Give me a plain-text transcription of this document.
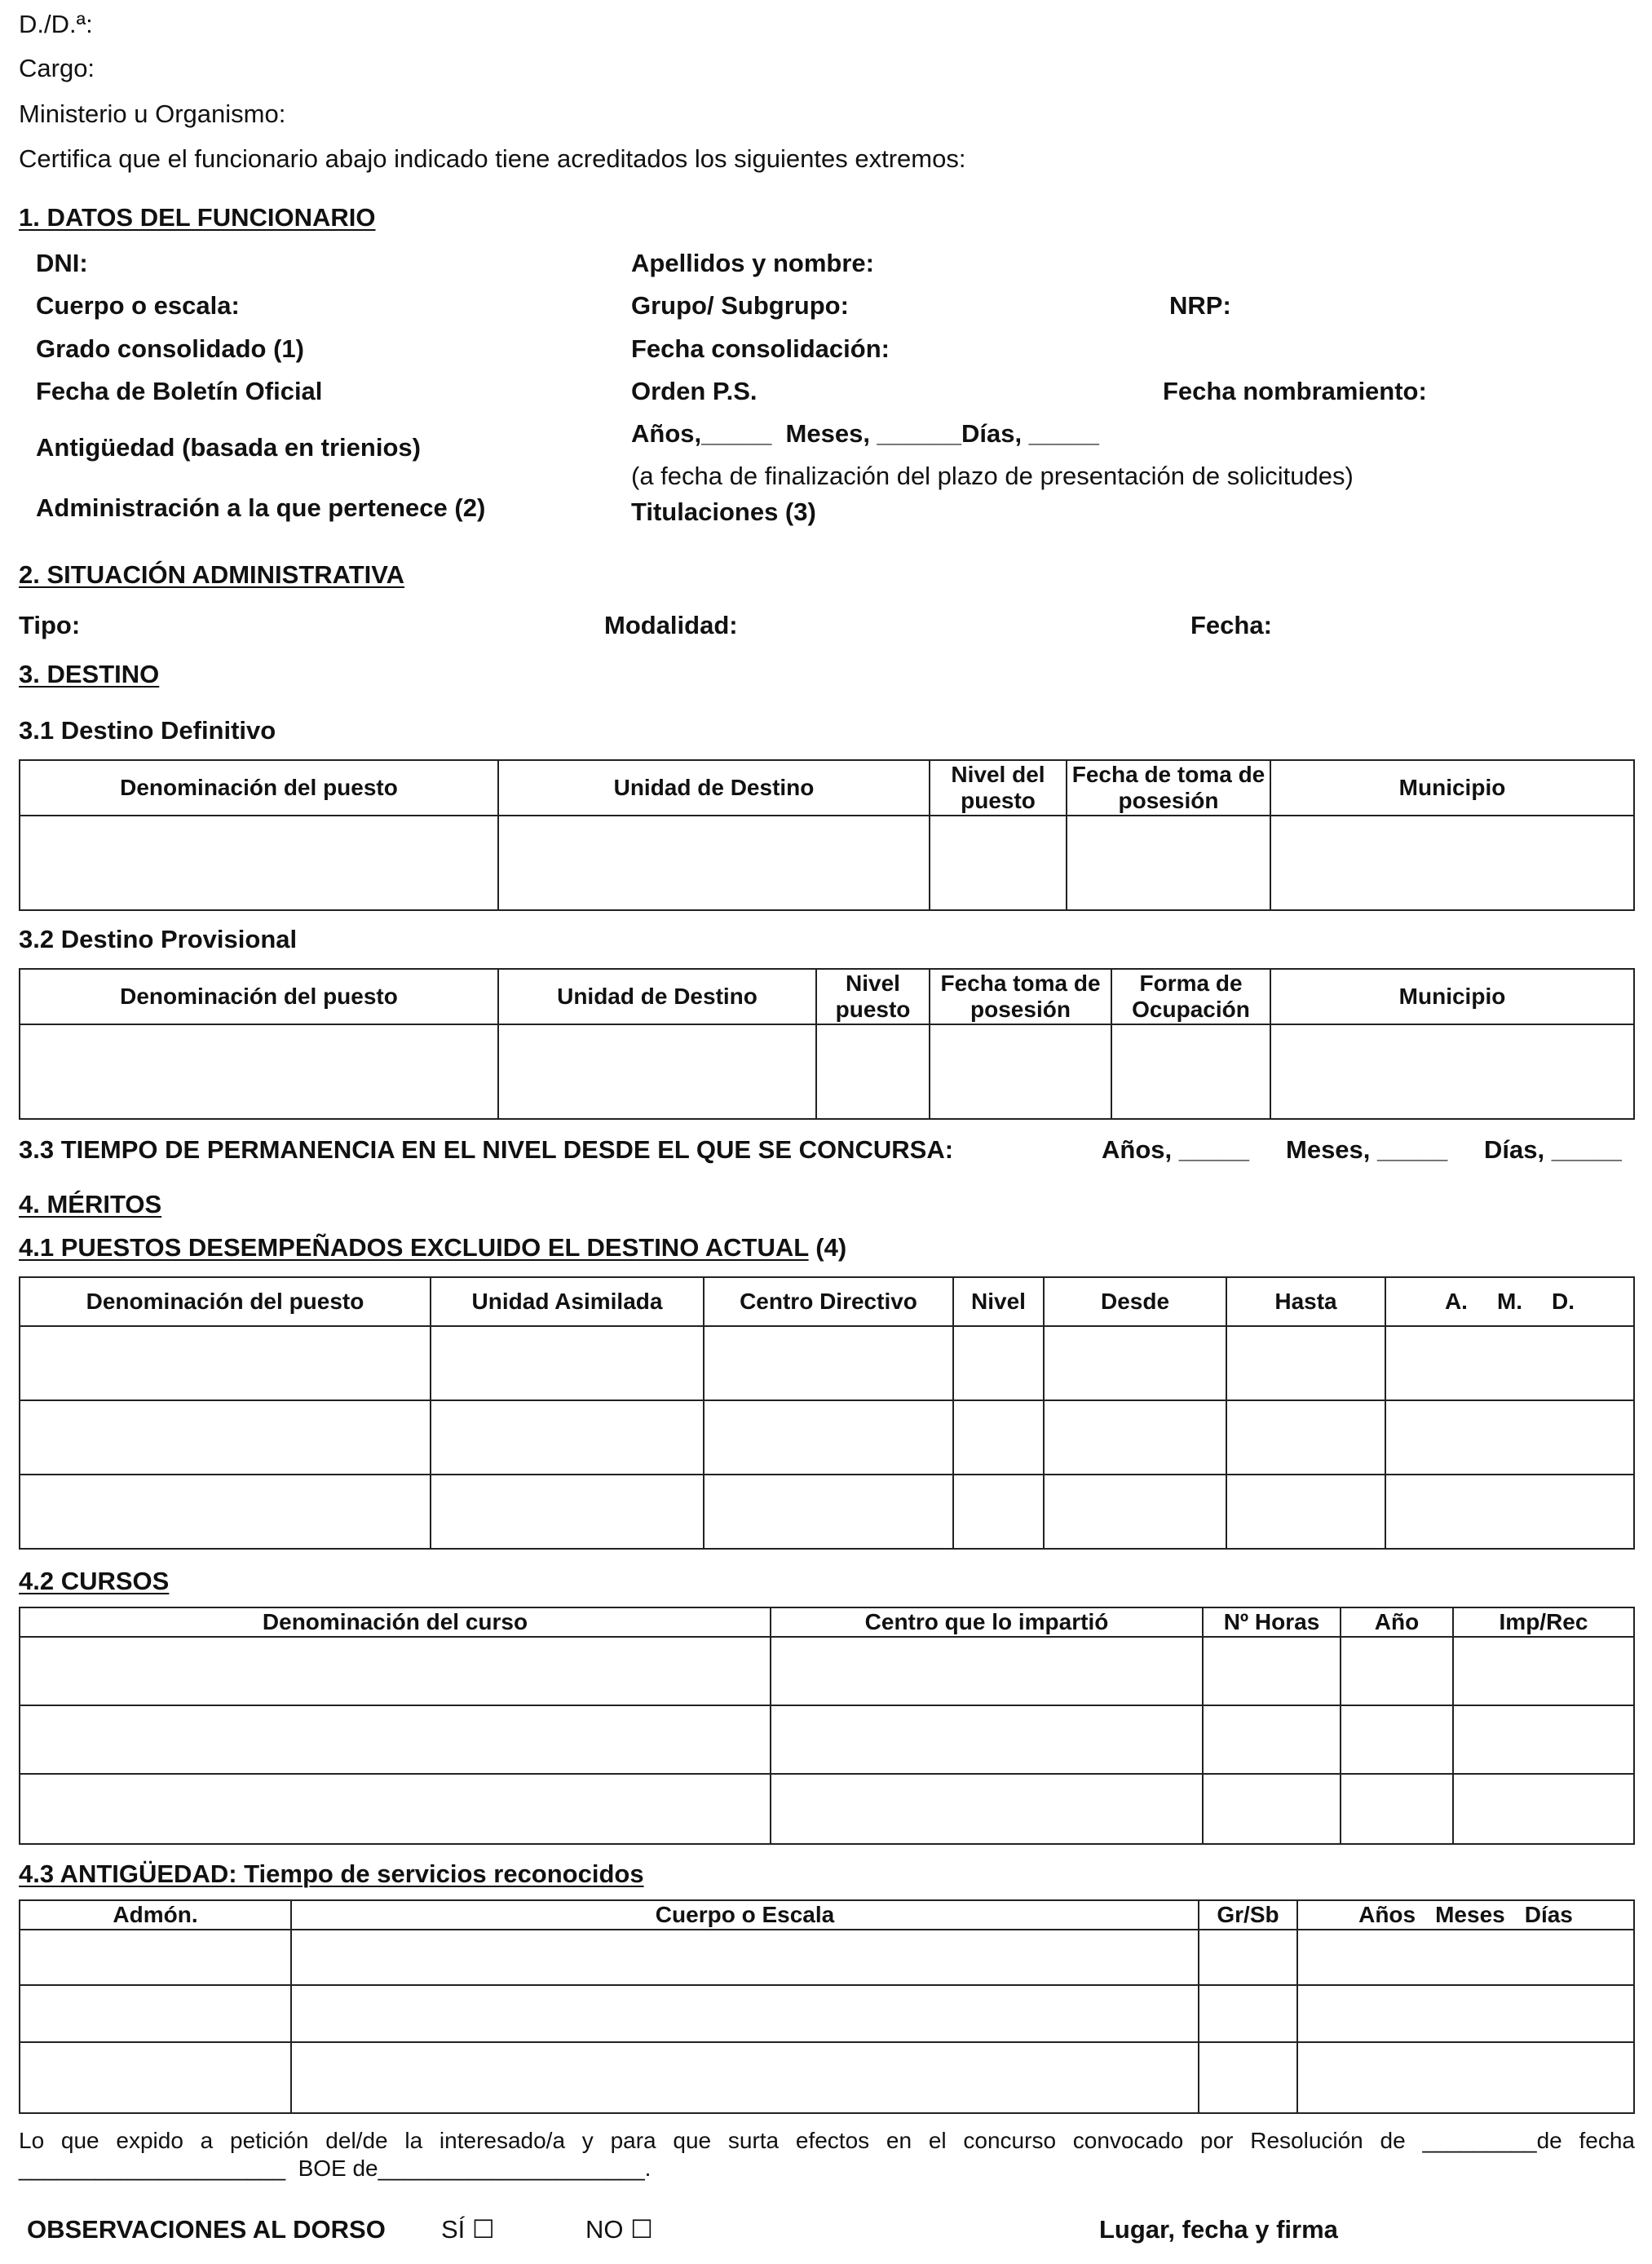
D./D.ª:
Cargo:
Ministerio u Organismo:
Certifica que el funcionario abajo indicado tiene acreditados los siguientes extremos:
1. DATOS DEL FUNCIONARIO
DNI:	Apellidos y nombre:
Cuerpo o escala:	Grupo/ Subgrupo:	NRP:
Grado consolidado (1)	Fecha consolidación:
Fecha de Boletín Oficial	Orden P.S.	Fecha nombramiento:
Antigüedad (basada en trienios)	Años,_____  Meses, ______Días, _____
(a fecha de finalización del plazo de presentación de solicitudes)
Administración a la que pertenece (2)	Titulaciones (3)
2. SITUACIÓN ADMINISTRATIVA
Tipo:	Modalidad:	Fecha:
3. DESTINO
3.1 Destino Definitivo
Denominación del puesto	Unidad de Destino	Nivel del puesto	Fecha de toma de posesión	Municipio

3.2 Destino Provisional
Denominación del puesto	Unidad de Destino	Nivel puesto	Fecha toma de posesión	Forma de Ocupación	Municipio

3.3 TIEMPO DE PERMANENCIA EN EL NIVEL DESDE EL QUE SE CONCURSA:	Años, _____ Meses, _____ Días, _____
4. MÉRITOS
4.1 PUESTOS DESEMPEÑADOS EXCLUIDO EL DESTINO ACTUAL (4)
Denominación del puesto	Unidad Asimilada	Centro Directivo	Nivel	Desde	Hasta	A. M. D.

4.2 CURSOS
Denominación del curso	Centro que lo impartió	Nº Horas	Año	Imp/Rec

4.3 ANTIGÜEDAD: Tiempo de servicios reconocidos
Admón.	Cuerpo o Escala	Gr/Sb	Años Meses Días

Lo que expido a petición del/de la interesado/a y para que surta efectos en el concurso convocado por Resolución de _________de fecha
_____________________  BOE de_____________________.
OBSERVACIONES AL DORSO SÍ ☐	NO ☐	Lugar, fecha y firma
